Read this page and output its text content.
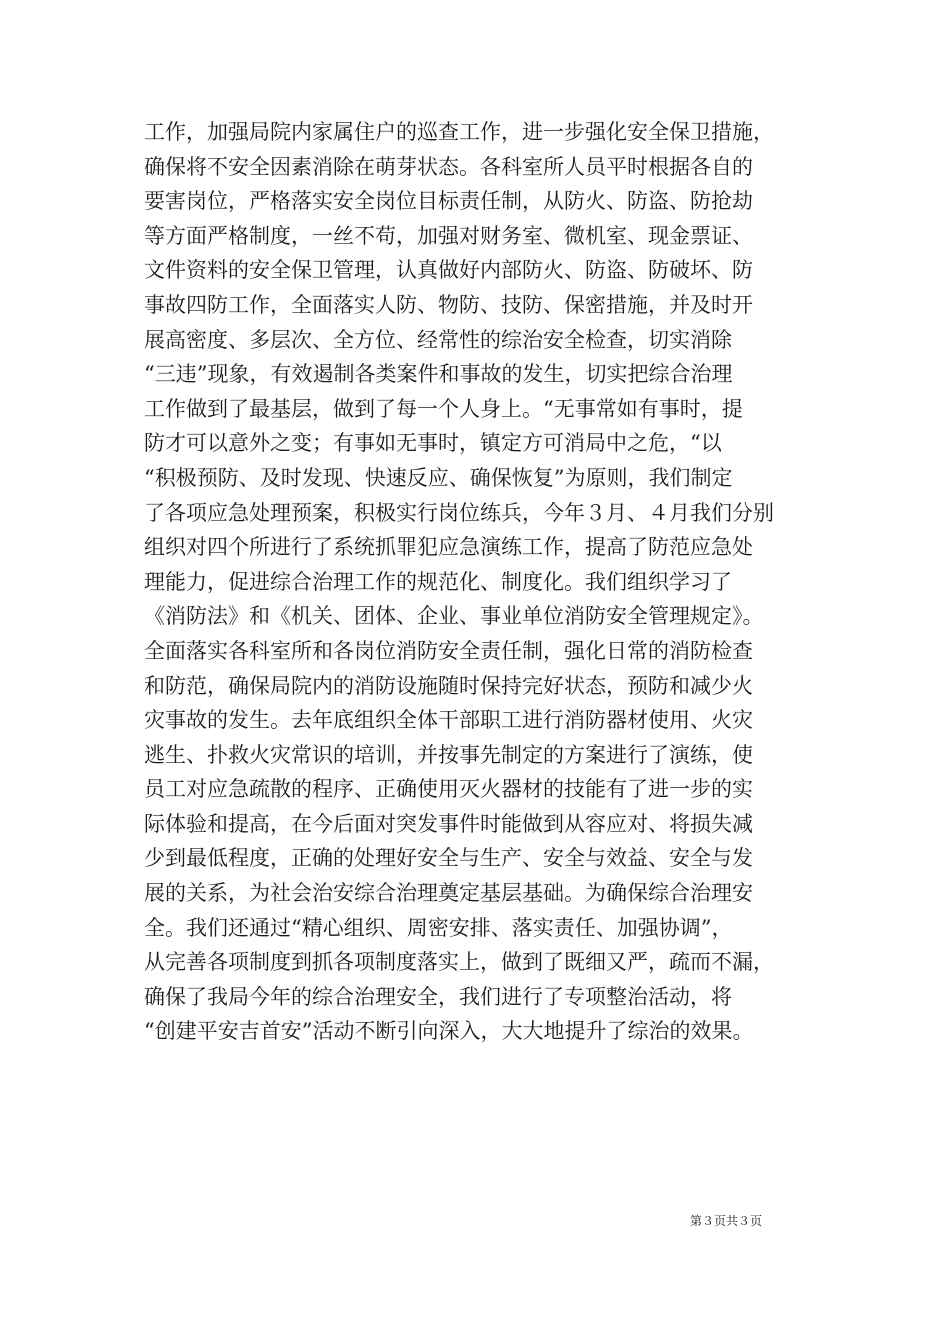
工作，加强局院内家属住户的巡查工作，进一步强化安全保卫措施，
确保将不安全因素消除在萌芽状态。各科室所人员平时根据各自的
要害岗位，严格落实安全岗位目标责任制，从防火、防盗、防抢劫
等方面严格制度，一丝不苟，加强对财务室、微机室、现金票证、
文件资料的安全保卫管理，认真做好内部防火、防盗、防破坏、防
事故四防工作，全面落实人防、物防、技防、保密措施，并及时开
展高密度、多层次、全方位、经常性的综治安全检查，切实消除
“三违”现象，有效遏制各类案件和事故的发生，切实把综合治理
工作做到了最基层，做到了每一个人身上。“无事常如有事时，提
防才可以意外之变；有事如无事时，镇定方可消局中之危，“以
“积极预防、及时发现、快速反应、确保恢复”为原则，我们制定
了各项应急处理预案，积极实行岗位练兵，今年３月、４月我们分别
组织对四个所进行了系统抓罪犯应急演练工作，提高了防范应急处
理能力，促进综合治理工作的规范化、制度化。我们组织学习了
《消防法》和《机关、团体、企业、事业单位消防安全管理规定》。
全面落实各科室所和各岗位消防安全责任制，强化日常的消防检查
和防范，确保局院内的消防设施随时保持完好状态，预防和减少火
灾事故的发生。去年底组织全体干部职工进行消防器材使用、火灾
逃生、扑救火灾常识的培训，并按事先制定的方案进行了演练，使
员工对应急疏散的程序、正确使用灭火器材的技能有了进一步的实
际体验和提高，在今后面对突发事件时能做到从容应对、将损失减
少到最低程度，正确的处理好安全与生产、安全与效益、安全与发
展的关系，为社会治安综合治理奠定基层基础。为确保综合治理安
全。我们还通过“精心组织、周密安排、落实责任、加强协调”，
从完善各项制度到抓各项制度落实上，做到了既细又严，疏而不漏，
确保了我局今年的综合治理安全，我们进行了专项整治活动，将
“创建平安吉首安”活动不断引向深入，大大地提升了综治的效果。
第３页共３页
